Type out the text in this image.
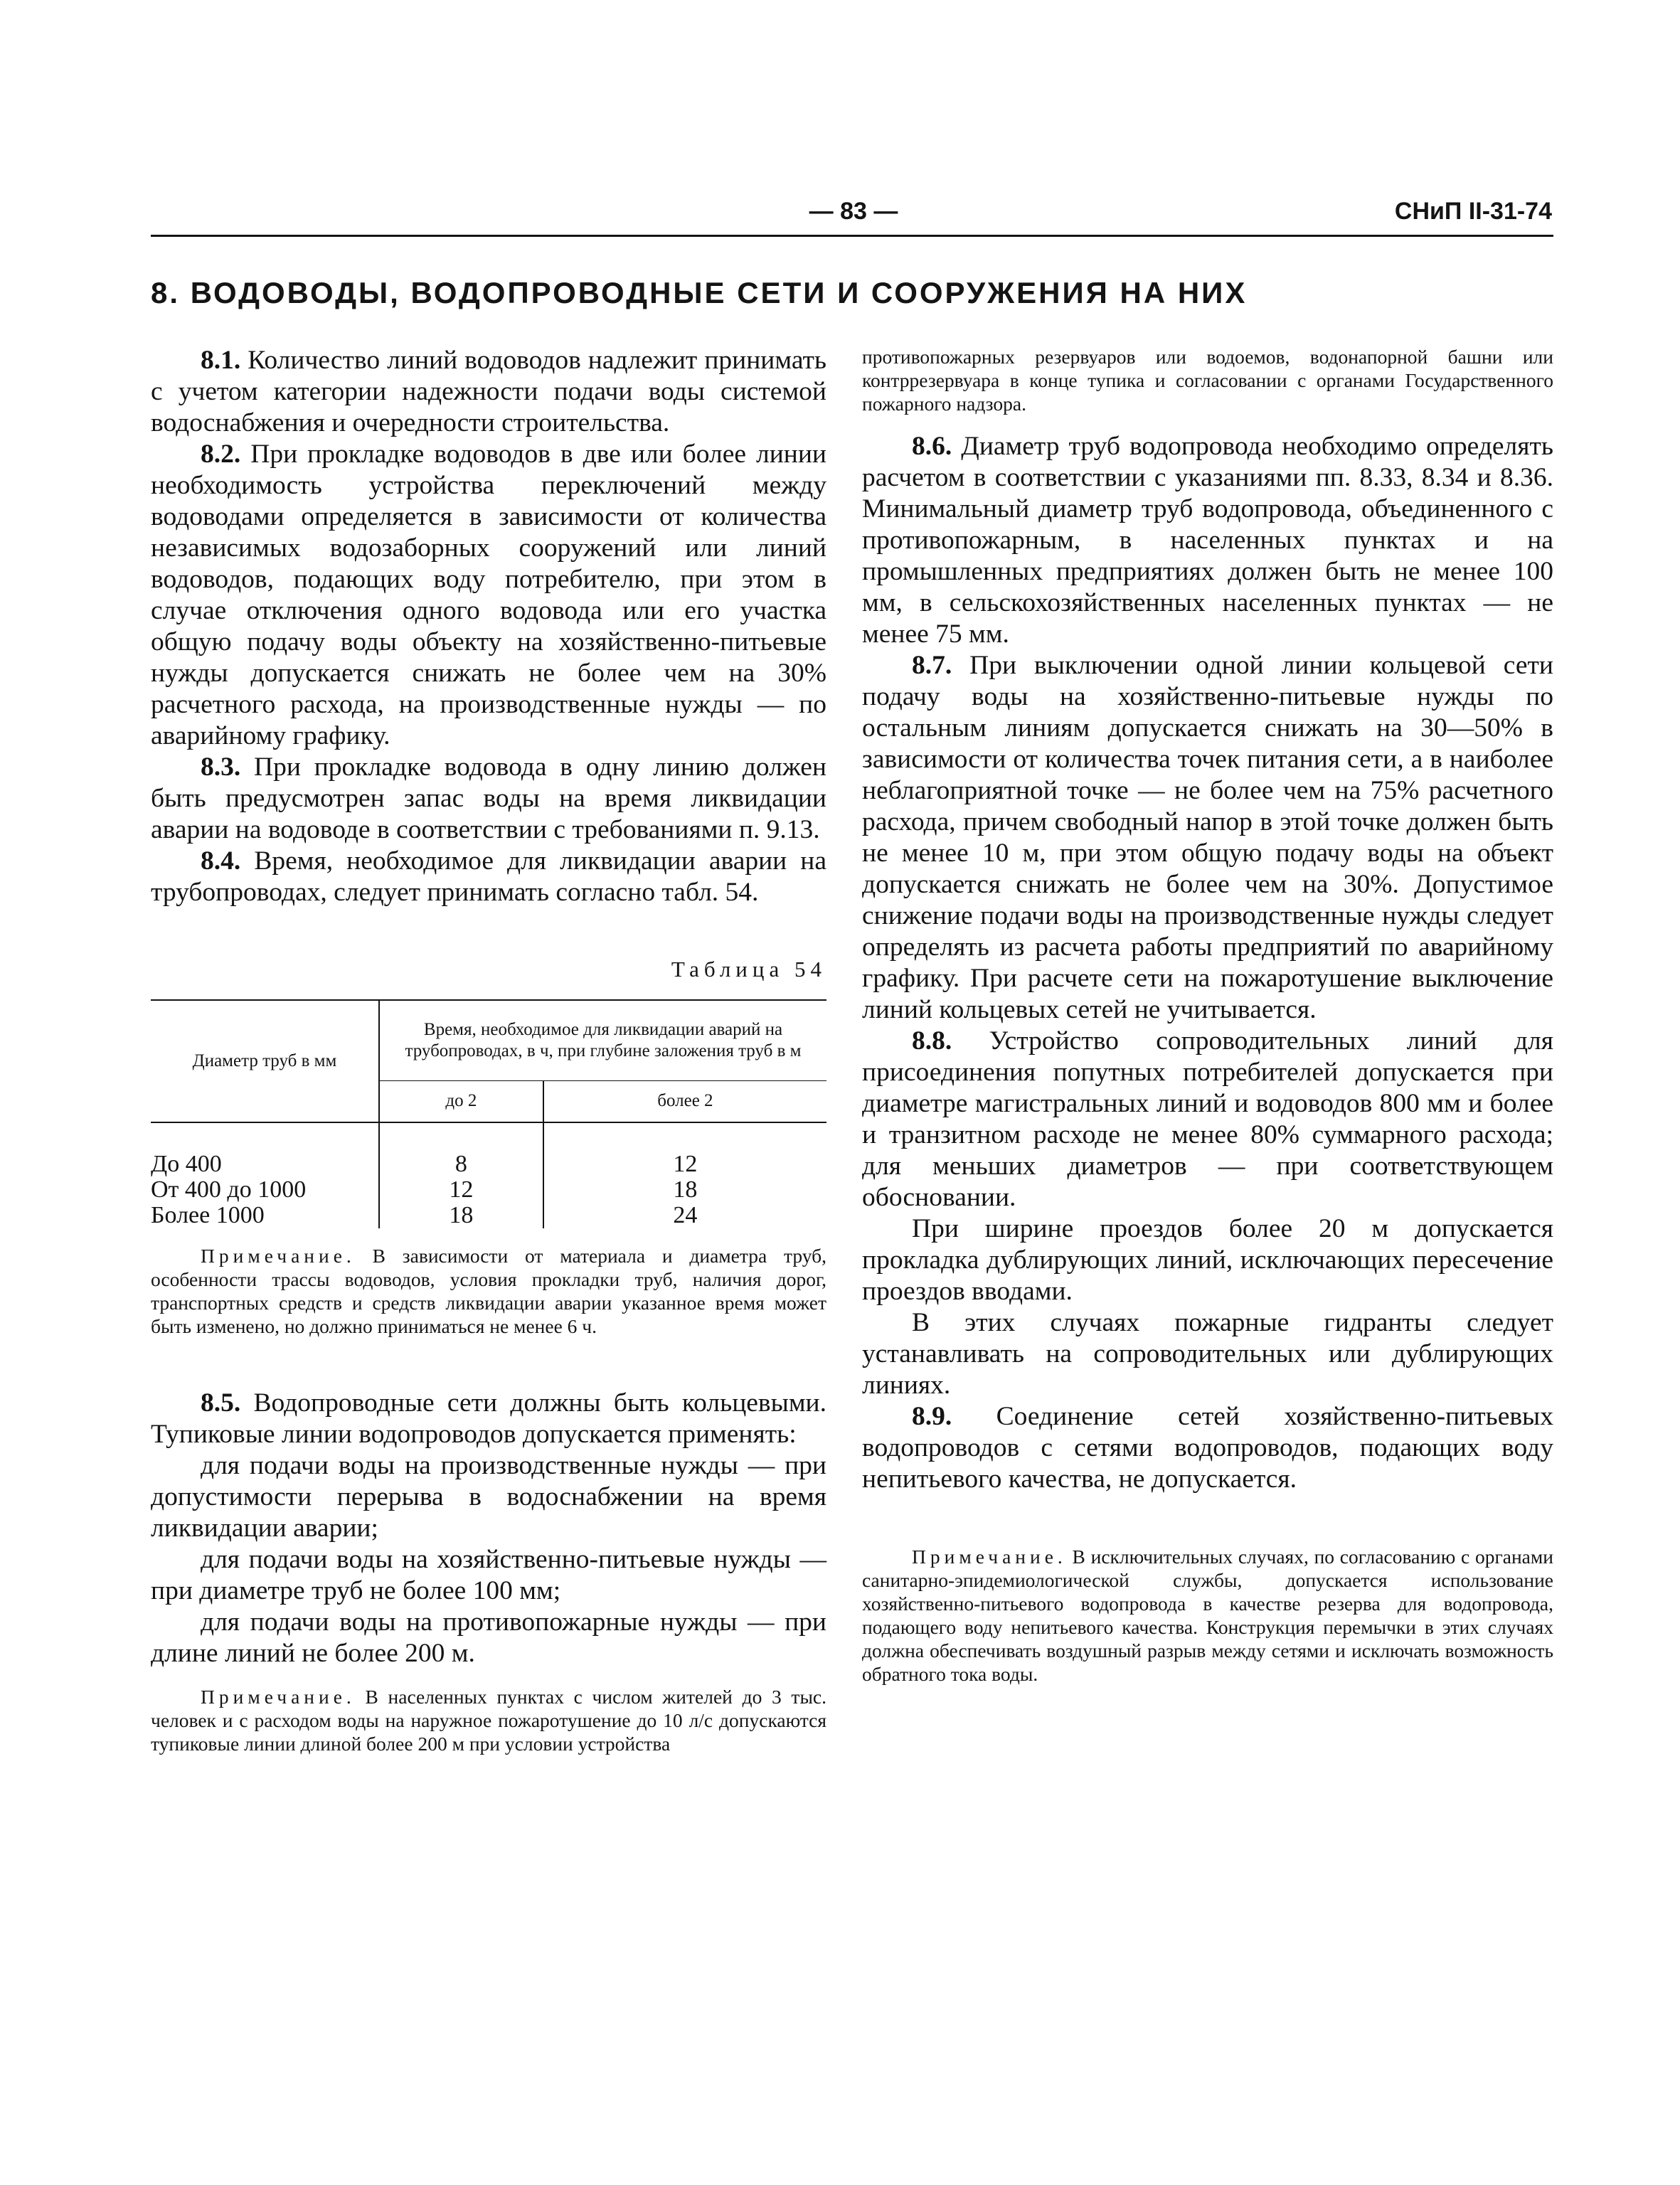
— 83 —	СНиП II-31-74
8. ВОДОВОДЫ, ВОДОПРОВОДНЫЕ СЕТИ И СООРУЖЕНИЯ НА НИХ

8.1. Количество линий водоводов надлежит принимать с учетом категории надежности подачи воды системой водоснабжения и очередности строительства.

8.2. При прокладке водоводов в две или более линии необходимость устройства переключений между водоводами определяется в зависимости от количества независимых водозаборных сооружений или линий водоводов, подающих воду потребителю, при этом в случае отключения одного водовода или его участка общую подачу воды объекту на хозяйственно-питьевые нужды допускается снижать не более чем на 30% расчетного расхода, на производственные нужды — по аварийному графику.

8.3. При прокладке водовода в одну линию должен быть предусмотрен запас воды на время ликвидации аварии на водоводе в соответствии с требованиями п. 9.13.

8.4. Время, необходимое для ликвидации аварии на трубопроводах, следует принимать согласно табл. 54.

Таблица 54
Диаметр труб в мм	Время, необходимое для ликвидации аварий на трубопроводах, в ч, при глубине заложения труб в м	
	до 2	более 2

До 400	8	12
От 400 до 1000	12	18
Более 1000	18	24

Примечание. В зависимости от материала и диаметра труб, особенности трассы водоводов, условия прокладки труб, наличия дорог, транспортных средств и средств ликвидации аварии указанное время может быть изменено, но должно приниматься не менее 6 ч.

8.5. Водопроводные сети должны быть кольцевыми. Тупиковые линии водопроводов допускается применять:

для подачи воды на производственные нужды — при допустимости перерыва в водоснабжении на время ликвидации аварии;

для подачи воды на хозяйственно-питьевые нужды — при диаметре труб не более 100 мм;

для подачи воды на противопожарные нужды — при длине линий не более 200 м.

Примечание. В населенных пунктах с числом жителей до 3 тыс. человек и с расходом воды на наружное пожаротушение до 10 л/с допускаются тупиковые линии длиной более 200 м при условии устройства

противопожарных резервуаров или водоемов, водонапорной башни или контррезервуара в конце тупика и согласовании с органами Государственного пожарного надзора.

8.6. Диаметр труб водопровода необходимо определять расчетом в соответствии с указаниями пп. 8.33, 8.34 и 8.36. Минимальный диаметр труб водопровода, объединенного с противопожарным, в населенных пунктах и на промышленных предприятиях должен быть не менее 100 мм, в сельскохозяйственных населенных пунктах — не менее 75 мм.

8.7. При выключении одной линии кольцевой сети подачу воды на хозяйственно-питьевые нужды по остальным линиям допускается снижать на 30—50% в зависимости от количества точек питания сети, а в наиболее неблагоприятной точке — не более чем на 75% расчетного расхода, причем свободный напор в этой точке должен быть не менее 10 м, при этом общую подачу воды на объект допускается снижать не более чем на 30%. Допустимое снижение подачи воды на производственные нужды следует определять из расчета работы предприятий по аварийному графику. При расчете сети на пожаротушение выключение линий кольцевых сетей не учитывается.

8.8. Устройство сопроводительных линий для присоединения попутных потребителей допускается при диаметре магистральных линий и водоводов 800 мм и более и транзитном расходе не менее 80% суммарного расхода; для меньших диаметров — при соответствующем обосновании.

При ширине проездов более 20 м допускается прокладка дублирующих линий, исключающих пересечение проездов вводами.

В этих случаях пожарные гидранты следует устанавливать на сопроводительных или дублирующих линиях.

8.9. Соединение сетей хозяйственно-питьевых водопроводов с сетями водопроводов, подающих воду непитьевого качества, не допускается.

Примечание. В исключительных случаях, по согласованию с органами санитарно-эпидемиологической службы, допускается использование хозяйственно-питьевого водопровода в качестве резерва для водопровода, подающего воду непитьевого качества. Конструкция перемычки в этих случаях должна обеспечивать воздушный разрыв между сетями и исключать возможность обратного тока воды.
